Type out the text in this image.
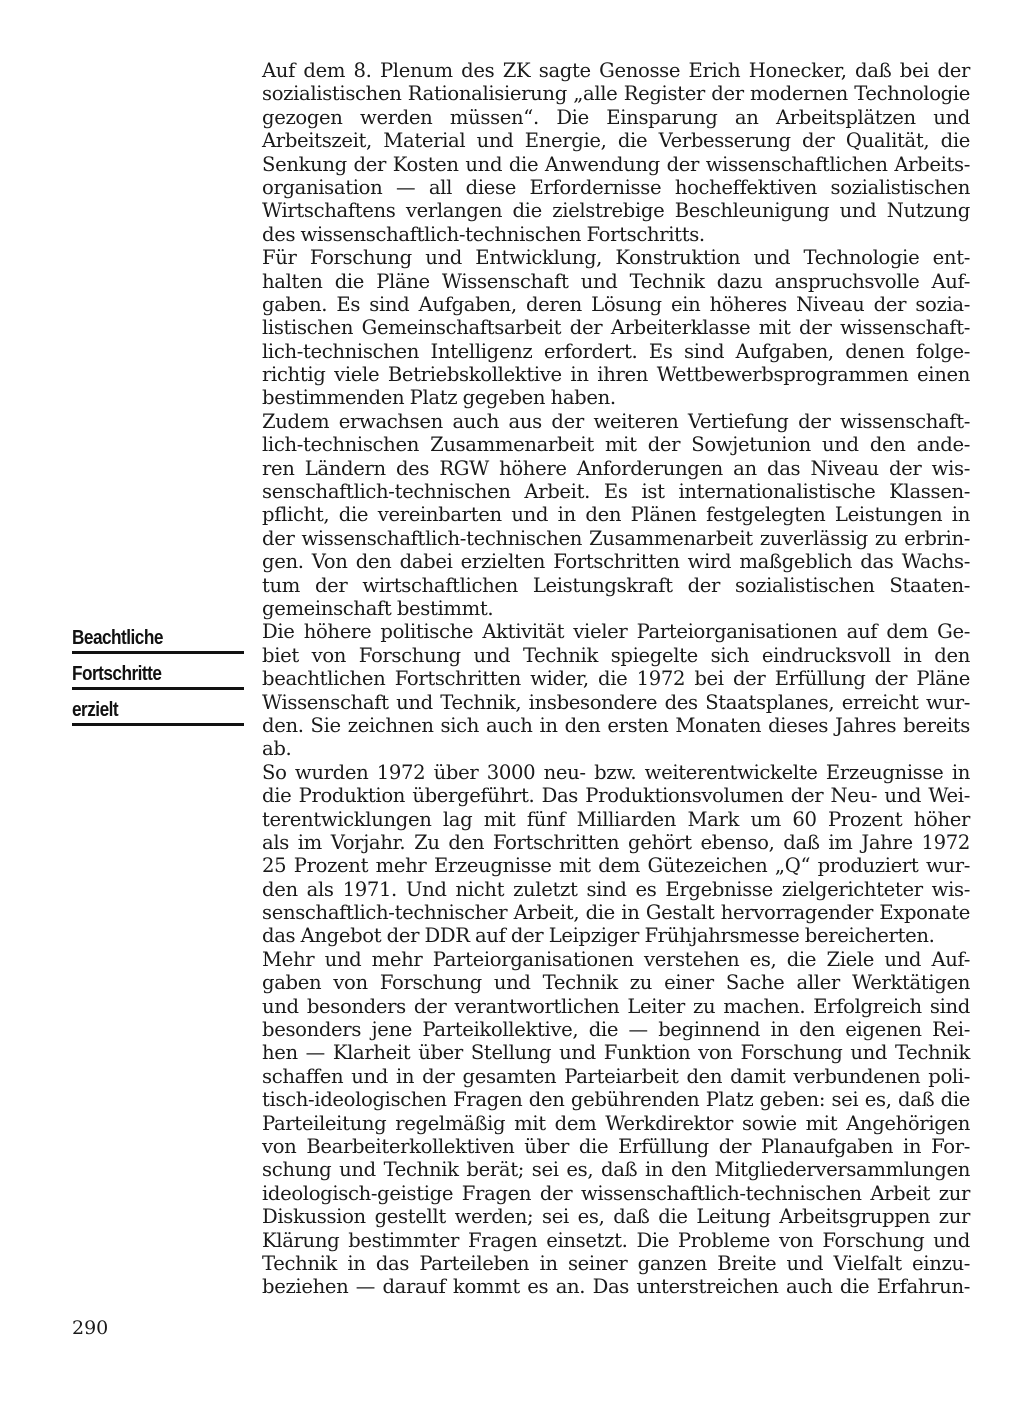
Beachtliche
Fortschritte
erzielt
Auf dem 8. Plenum des ZK sagte Genosse Erich Honecker, daß bei der
sozialistischen Rationalisierung „alle Register der modernen Technologie
gezogen werden müssen“. Die Einsparung an Arbeitsplätzen und
Arbeitszeit, Material und Energie, die Verbesserung der Qualität, die
Senkung der Kosten und die Anwendung der wissenschaftlichen Arbeits-
organisation — all diese Erfordernisse hocheffektiven sozialistischen
Wirtschaftens verlangen die zielstrebige Beschleunigung und Nutzung
des wissenschaftlich-technischen Fortschritts.
Für Forschung und Entwicklung, Konstruktion und Technologie ent-
halten die Pläne Wissenschaft und Technik dazu anspruchsvolle Auf-
gaben. Es sind Aufgaben, deren Lösung ein höheres Niveau der sozia-
listischen Gemeinschaftsarbeit der Arbeiterklasse mit der wissenschaft-
lich-technischen Intelligenz erfordert. Es sind Aufgaben, denen folge-
richtig viele Betriebskollektive in ihren Wettbewerbsprogrammen einen
bestimmenden Platz gegeben haben.
Zudem erwachsen auch aus der weiteren Vertiefung der wissenschaft-
lich-technischen Zusammenarbeit mit der Sowjetunion und den ande-
ren Ländern des RGW höhere Anforderungen an das Niveau der wis-
senschaftlich-technischen Arbeit. Es ist internationalistische Klassen-
pflicht, die vereinbarten und in den Plänen festgelegten Leistungen in
der wissenschaftlich-technischen Zusammenarbeit zuverlässig zu erbrin-
gen. Von den dabei erzielten Fortschritten wird maßgeblich das Wachs-
tum der wirtschaftlichen Leistungskraft der sozialistischen Staaten-
gemeinschaft bestimmt.
Die höhere politische Aktivität vieler Parteiorganisationen auf dem Ge-
biet von Forschung und Technik spiegelte sich eindrucksvoll in den
beachtlichen Fortschritten wider, die 1972 bei der Erfüllung der Pläne
Wissenschaft und Technik, insbesondere des Staatsplanes, erreicht wur-
den. Sie zeichnen sich auch in den ersten Monaten dieses Jahres bereits
ab.
So wurden 1972 über 3000 neu- bzw. weiterentwickelte Erzeugnisse in
die Produktion übergeführt. Das Produktionsvolumen der Neu- und Wei-
terentwicklungen lag mit fünf Milliarden Mark um 60 Prozent höher
als im Vorjahr. Zu den Fortschritten gehört ebenso, daß im Jahre 1972
25 Prozent mehr Erzeugnisse mit dem Gütezeichen „Q“ produziert wur-
den als 1971. Und nicht zuletzt sind es Ergebnisse zielgerichteter wis-
senschaftlich-technischer Arbeit, die in Gestalt hervorragender Exponate
das Angebot der DDR auf der Leipziger Frühjahrsmesse bereicherten.
Mehr und mehr Parteiorganisationen verstehen es, die Ziele und Auf-
gaben von Forschung und Technik zu einer Sache aller Werktätigen
und besonders der verantwortlichen Leiter zu machen. Erfolgreich sind
besonders jene Parteikollektive, die — beginnend in den eigenen Rei-
hen — Klarheit über Stellung und Funktion von Forschung und Technik
schaffen und in der gesamten Parteiarbeit den damit verbundenen poli-
tisch-ideologischen Fragen den gebührenden Platz geben: sei es, daß die
Parteileitung regelmäßig mit dem Werkdirektor sowie mit Angehörigen
von Bearbeiterkollektiven über die Erfüllung der Planaufgaben in For-
schung und Technik berät; sei es, daß in den Mitgliederversammlungen
ideologisch-geistige Fragen der wissenschaftlich-technischen Arbeit zur
Diskussion gestellt werden; sei es, daß die Leitung Arbeitsgruppen zur
Klärung bestimmter Fragen einsetzt. Die Probleme von Forschung und
Technik in das Parteileben in seiner ganzen Breite und Vielfalt einzu-
beziehen — darauf kommt es an. Das unterstreichen auch die Erfahrun-
290
